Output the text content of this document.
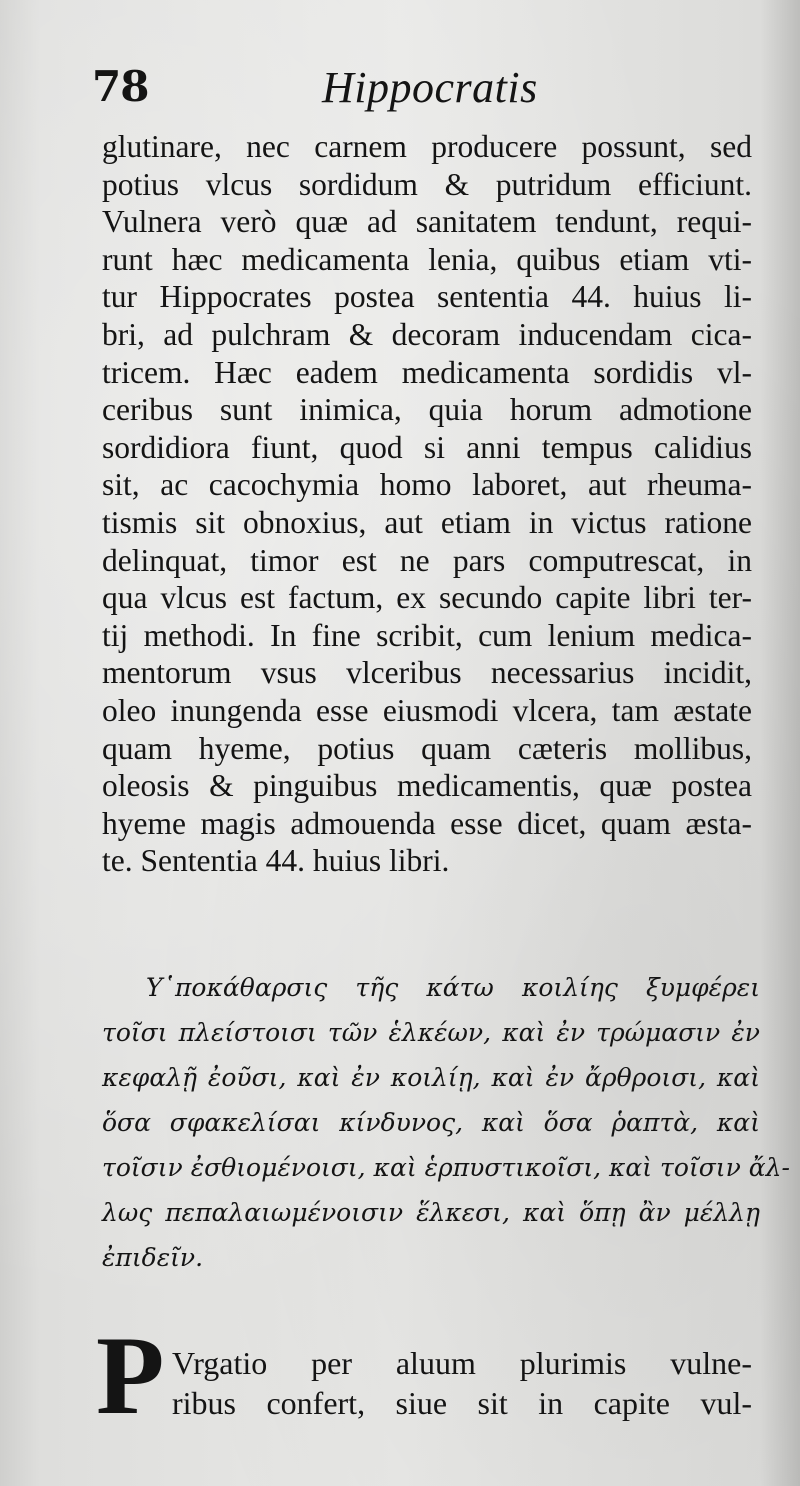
78	Hippocratis
glutinare, nec carnem producere possunt, sed
potius vlcus sordidum & putridum efficiunt.
Vulnera verò quæ ad sanitatem tendunt, requi-
runt hæc medicamenta lenia, quibus etiam vti-
tur Hippocrates postea sententia 44. huius li-
bri, ad pulchram & decoram inducendam cica-
tricem. Hæc eadem medicamenta sordidis vl-
ceribus sunt inimica, quia horum admotione
sordidiora fiunt, quod si anni tempus calidius
sit, ac cacochymia homo laboret, aut rheuma-
tismis sit obnoxius, aut etiam in victus ratione
delinquat, timor est ne pars computrescat, in
qua vlcus est factum, ex secundo capite libri ter-
tij methodi. In fine scribit, cum lenium medica-
mentorum vsus vlceribus necessarius incidit,
oleo inungenda esse eiusmodi vlcera, tam æstate
quam hyeme, potius quam cæteris mollibus,
oleosis & pinguibus medicamentis, quæ postea
hyeme magis admouenda esse dicet, quam æsta-
te. Sententia 44. huius libri.
Υ῾ποκάθαρσις τῆς κάτω κοιλίης ξυμφέρει
τοῖσι πλείστοισι τῶν ἑλκέων, καὶ ἐν τρώμασιν ἐν
κεφαλῇ ἐοῦσι, καὶ ἐν κοιλίῃ, καὶ ἐν ἄρθροισι, καὶ
ὅσα σφακελίσαι κίνδυνος, καὶ ὅσα ῥαπτὰ, καὶ
τοῖσιν ἐσθιομένοισι, καὶ ἑρπυστικοῖσι, καὶ τοῖσιν ἄλ-
λως πεπαλαιωμένοισιν ἕλκεσι, καὶ ὅπῃ ἂν μέλλῃ
ἐπιδεῖν.
P Vrgatio per aluum plurimis vulne-
ribus confert, siue sit in capite vul-
